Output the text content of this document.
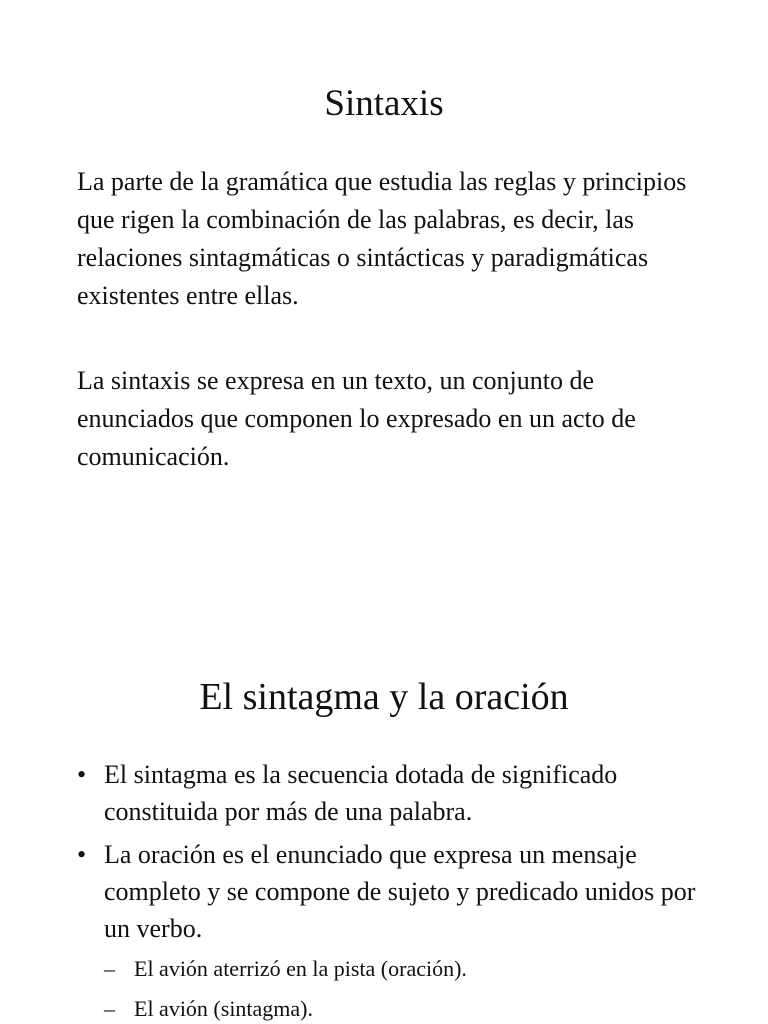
Sintaxis

La parte de la gramática que estudia las reglas y principios que rigen la combinación de las palabras, es decir, las relaciones sintagmáticas o sintácticas y paradigmáticas existentes entre ellas.

La sintaxis se expresa en un texto, un conjunto de enunciados que componen lo expresado en un acto de comunicación.

El sintagma y la oración
• El sintagma es la secuencia dotada de significado constituida por más de una palabra.
• La oración es el enunciado que expresa un mensaje completo y se compone de sujeto y predicado unidos por un verbo.
– El avión aterrizó en la pista (oración).
– El avión (sintagma).
